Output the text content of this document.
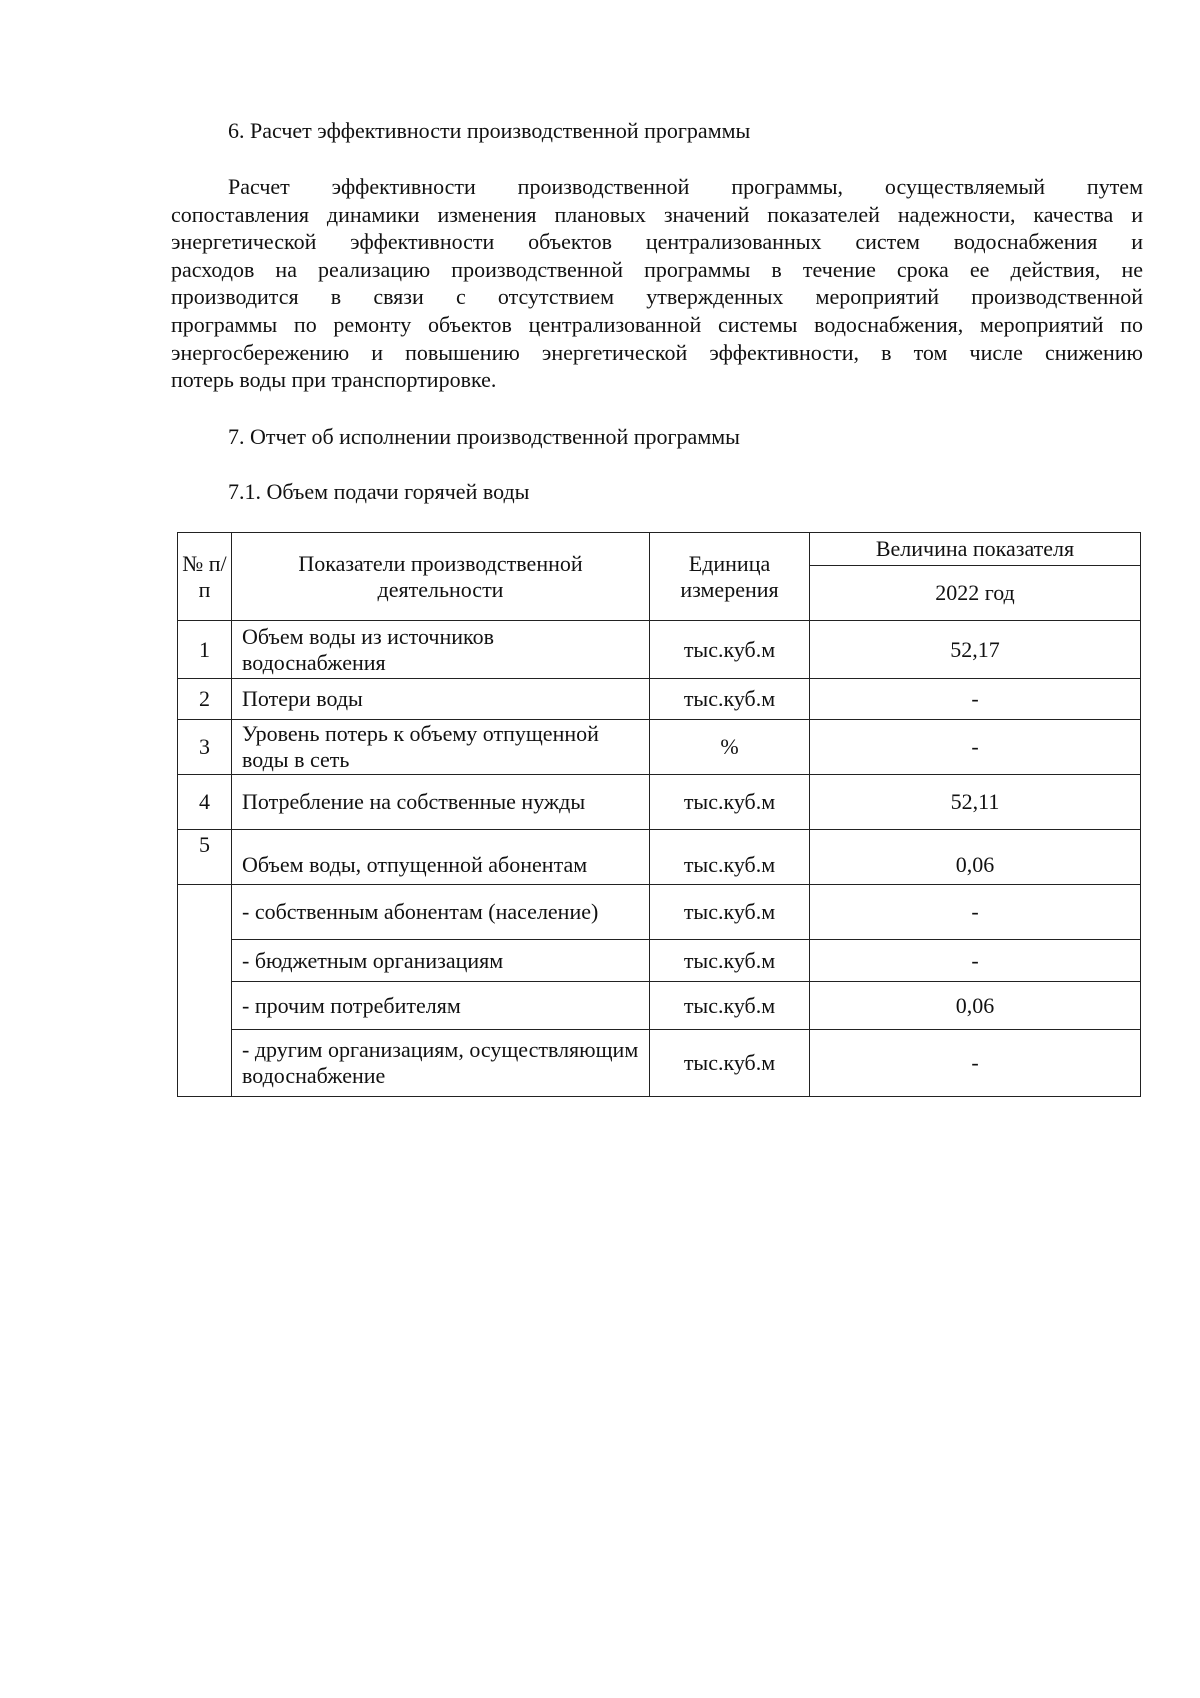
6. Расчет эффективности производственной программы
Расчет эффективности производственной программы, осуществляемый путем
сопоставления динамики изменения плановых значений показателей надежности, качества и
энергетической эффективности объектов централизованных систем водоснабжения и
расходов на реализацию производственной программы в течение срока ее действия, не
производится в связи с отсутствием утвержденных мероприятий производственной
программы по ремонту объектов централизованной системы водоснабжения, мероприятий по
энергосбережению и повышению энергетической эффективности, в том числе снижению
потерь воды при транспортировке.
7. Отчет об исполнении производственной программы
7.1. Объем подачи горячей воды
№ п/п	Показатели производственной деятельности	Единица измерения	Величина показателя
			2022 год
1	Объем воды из источников водоснабжения	тыс.куб.м	52,17
2	Потери воды	тыс.куб.м	-
3	Уровень потерь к объему отпущенной воды в сеть	%	-
4	Потребление на собственные нужды	тыс.куб.м	52,11
5	Объем воды, отпущенной абонентам	тыс.куб.м	0,06
	- собственным абонентам (население)	тыс.куб.м	-
	- бюджетным организациям	тыс.куб.м	-
	- прочим потребителям	тыс.куб.м	0,06
	- другим организациям, осуществляющим водоснабжение	тыс.куб.м	-
